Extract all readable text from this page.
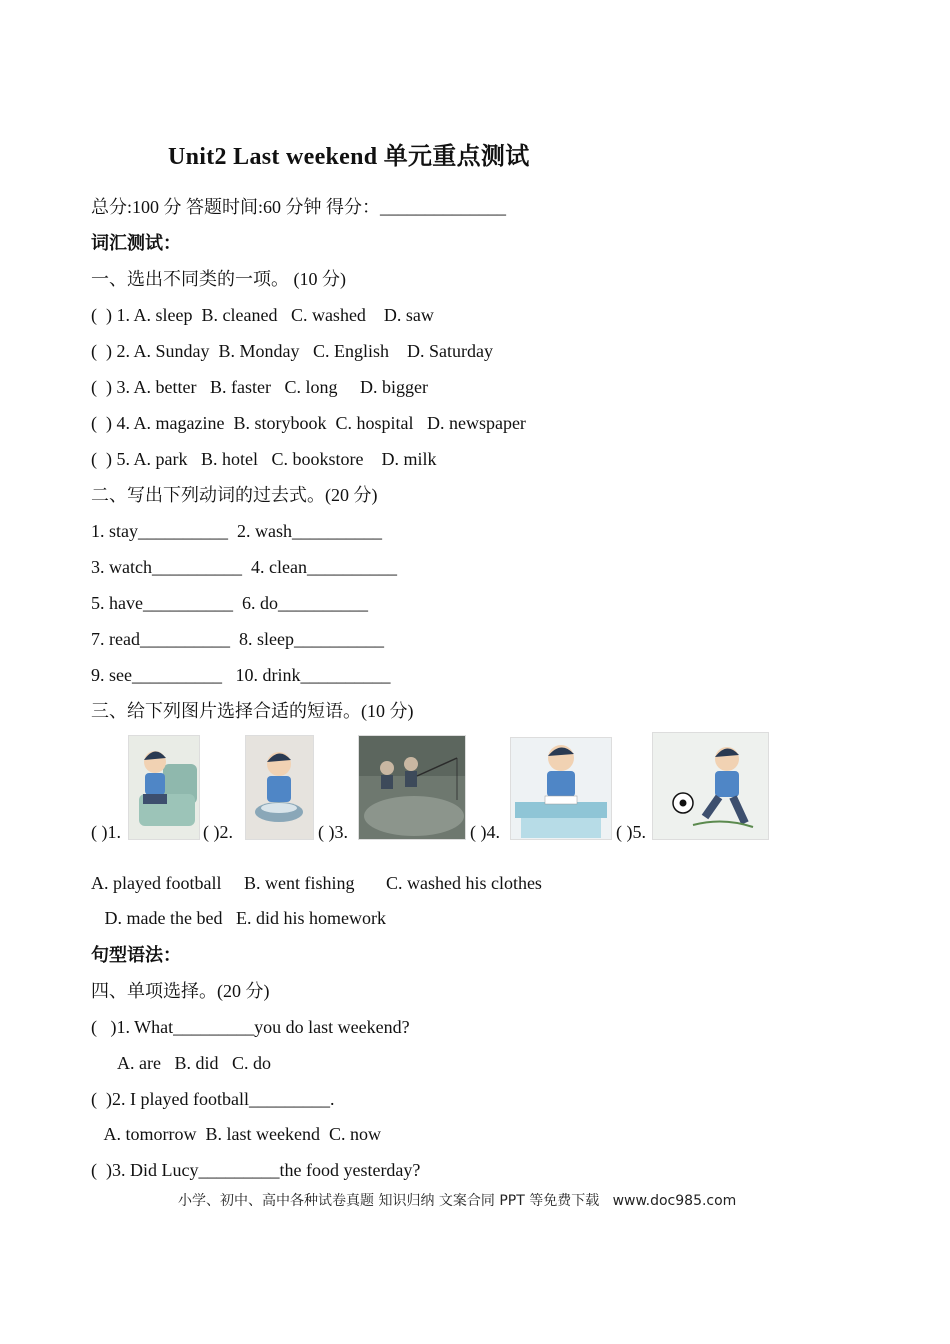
Unit2 Last weekend 单元重点测试
总分:100 分 答题时间:60 分钟 得分：______________
词汇测试：
一、选出不同类的一项。 (10 分)
(  ) 1. A. sleep  B. cleaned   C. washed    D. saw
(  ) 2. A. Sunday  B. Monday   C. English    D. Saturday
(  ) 3. A. better   B. faster   C. long     D. bigger
(  ) 4. A. magazine  B. storybook  C. hospital   D. newspaper
(  ) 5. A. park   B. hotel   C. bookstore    D. milk
二、写出下列动词的过去式。(20 分)
1. stay__________  2. wash__________
3. watch__________  4. clean__________
5. have__________  6. do__________
7. read__________  8. sleep__________
9. see__________   10. drink__________
三、给下列图片选择合适的短语。(10 分)
( )1.	( )2.	( )3.	( )4.	( )5.
A. played football     B. went fishing       C. washed his clothes
D. made the bed   E. did his homework
句型语法：
四、单项选择。(20 分)
(   )1. What_________you do last weekend?
A. are   B. did   C. do
(  )2. I played football_________.
A. tomorrow  B. last weekend  C. now
(  )3. Did Lucy_________the food yesterday?
小学、初中、高中各种试卷真题 知识归纳 文案合同 PPT 等免费下载   www.doc985.com
